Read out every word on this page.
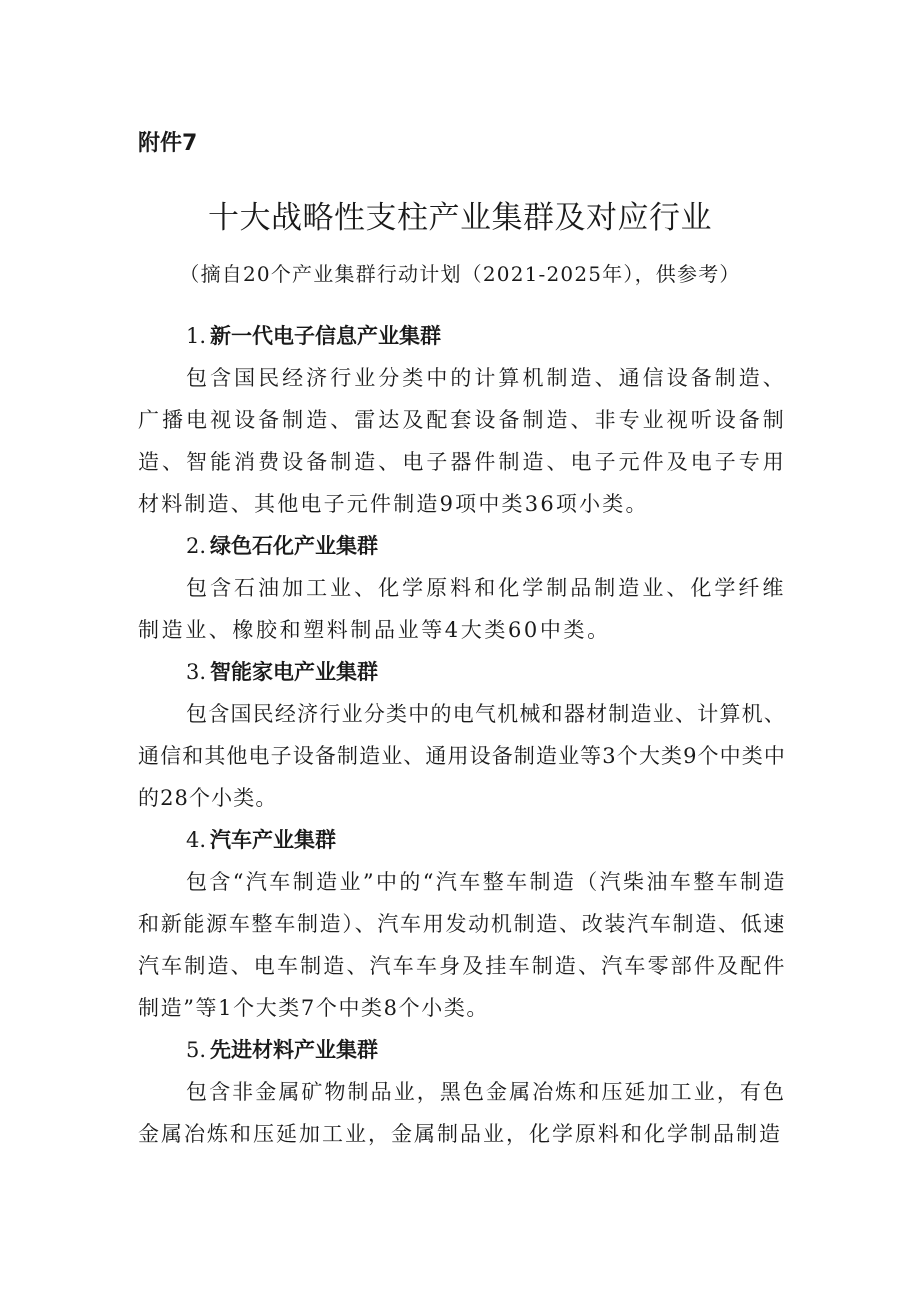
附件7

十大战略性支柱产业集群及对应行业

（摘自20个产业集群行动计划（2021-2025年），供参考）

1. 新一代电子信息产业集群

包含国民经济行业分类中的计算机制造、通信设备制造、广播电视设备制造、雷达及配套设备制造、非专业视听设备制造、智能消费设备制造、电子器件制造、电子元件及电子专用材料制造、其他电子元件制造9项中类36项小类。

2. 绿色石化产业集群

包含石油加工业、化学原料和化学制品制造业、化学纤维制造业、橡胶和塑料制品业等4大类60中类。

3. 智能家电产业集群

包含国民经济行业分类中的电气机械和器材制造业、计算机、通信和其他电子设备制造业、通用设备制造业等3个大类9个中类中的28个小类。

4. 汽车产业集群

包含“汽车制造业”中的“汽车整车制造（汽柴油车整车制造和新能源车整车制造）、汽车用发动机制造、改装汽车制造、低速汽车制造、电车制造、汽车车身及挂车制造、汽车零部件及配件制造”等1个大类7个中类8个小类。

5. 先进材料产业集群

包含非金属矿物制品业，黑色金属冶炼和压延加工业，有色金属冶炼和压延加工业，金属制品业，化学原料和化学制品制造
